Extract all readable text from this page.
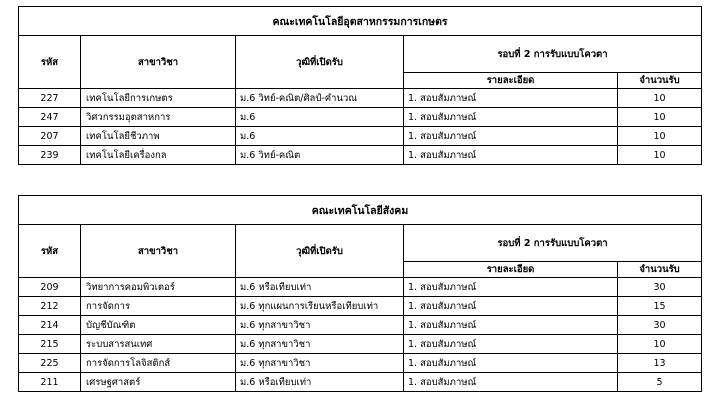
คณะเทคโนโลยีอุตสาหกรรมการเกษตร				
รหัส	สาขาวิชา	วุฒิที่เปิดรับ	รอบที่ 2 การรับแบบโควตา	
			รายละเอียด	จำนวนรับ
227	เทคโนโลยีการเกษตร	ม.6 วิทย์-คณิต/ศิลป์-คำนวณ	1. สอบสัมภาษณ์	10
247	วิศวกรรมอุตสาหการ	ม.6	1. สอบสัมภาษณ์	10
207	เทคโนโลยีชีวภาพ	ม.6	1. สอบสัมภาษณ์	10
239	เทคโนโลยีเครื่องกล	ม.6 วิทย์-คณิต	1. สอบสัมภาษณ์	10
คณะเทคโนโลยีสังคม				
รหัส	สาขาวิชา	วุฒิที่เปิดรับ	รอบที่ 2 การรับแบบโควตา	
			รายละเอียด	จำนวนรับ
209	วิทยาการคอมพิวเตอร์	ม.6 หรือเทียบเท่า	1. สอบสัมภาษณ์	30
212	การจัดการ	ม.6 ทุกแผนการเรียนหรือเทียบเท่า	1. สอบสัมภาษณ์	15
214	บัญชีบัณฑิต	ม.6 ทุกสาขาวิชา	1. สอบสัมภาษณ์	30
215	ระบบสารสนเทศ	ม.6 ทุกสาขาวิชา	1. สอบสัมภาษณ์	10
225	การจัดการโลจิสติกส์	ม.6 ทุกสาขาวิชา	1. สอบสัมภาษณ์	13
211	เศรษฐศาสตร์	ม.6 หรือเทียบเท่า	1. สอบสัมภาษณ์	5
